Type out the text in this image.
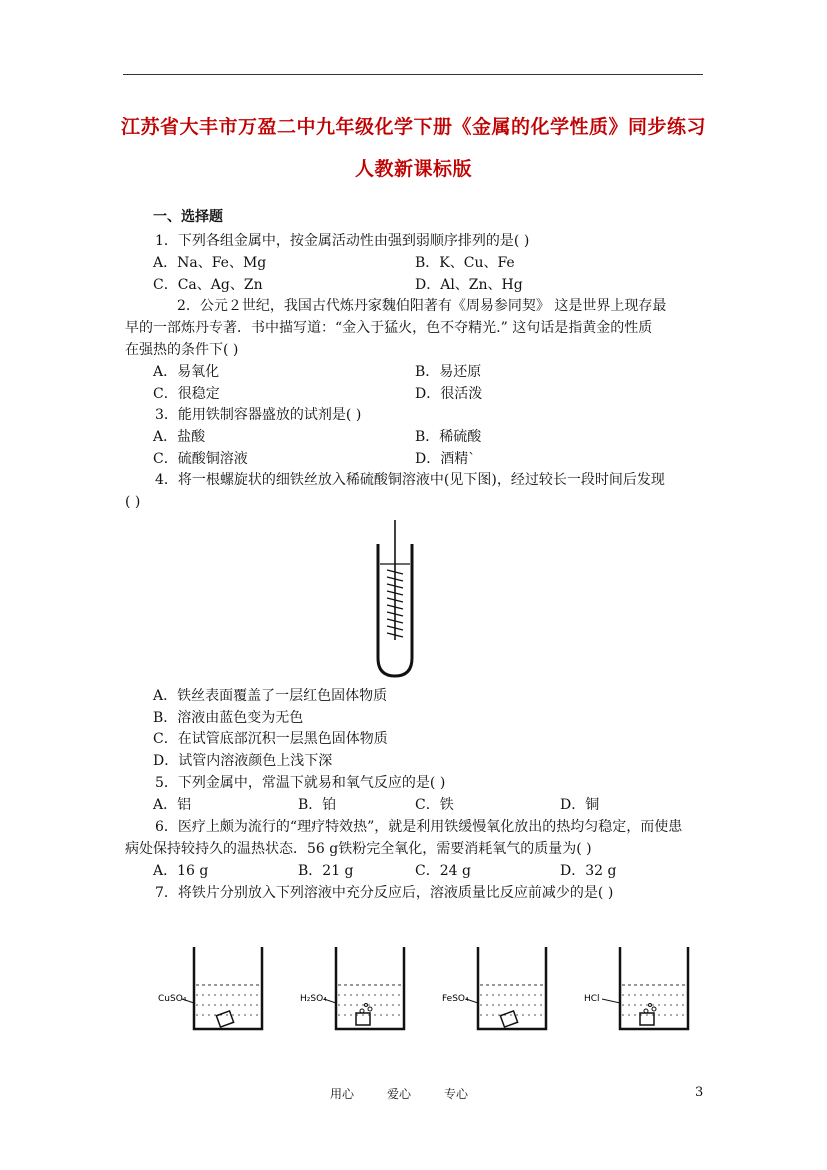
江苏省大丰市万盈二中九年级化学下册《金属的化学性质》同步练习
人教新课标版
一、选择题
1．下列各组金属中，按金属活动性由强到弱顺序排列的是( )
A．Na、Fe、Mg	B．K、Cu、Fe
C．Ca、Ag、Zn	D．Al、Zn、Hg
2．公元２世纪，我国古代炼丹家魏伯阳著有《周易参同契》 这是世界上现存最
早的一部炼丹专著．书中描写道：“金入于猛火，色不夺精光.” 这句话是指黄金的性质
在强热的条件下( )
A．易氧化	B．易还原
C．很稳定	D．很活泼
3．能用铁制容器盛放的试剂是( )
A．盐酸	B．稀硫酸
C．硫酸铜溶液	D．酒精`
4．将一根螺旋状的细铁丝放入稀硫酸铜溶液中(见下图)，经过较长一段时间后发现
( )
A．铁丝表面覆盖了一层红色固体物质
B．溶液由蓝色变为无色
C．在试管底部沉积一层黑色固体物质
D．试管内溶液颜色上浅下深
5．下列金属中，常温下就易和氧气反应的是( )
A．铝	B．铂	C．铁	D．铜
6．医疗上颇为流行的“理疗特效热”，就是利用铁缓慢氧化放出的热均匀稳定，而使患
病处保持较持久的温热状态．56 g铁粉完全氧化，需要消耗氧气的质量为( )
A．16 g	B．21 g	C．24 g	D．32 g
7．将铁片分别放入下列溶液中充分反应后，溶液质量比反应前减少的是( )
CuSO₄	H₂SO₄	FeSO₄	HCl
用心	爱心	专心	3
